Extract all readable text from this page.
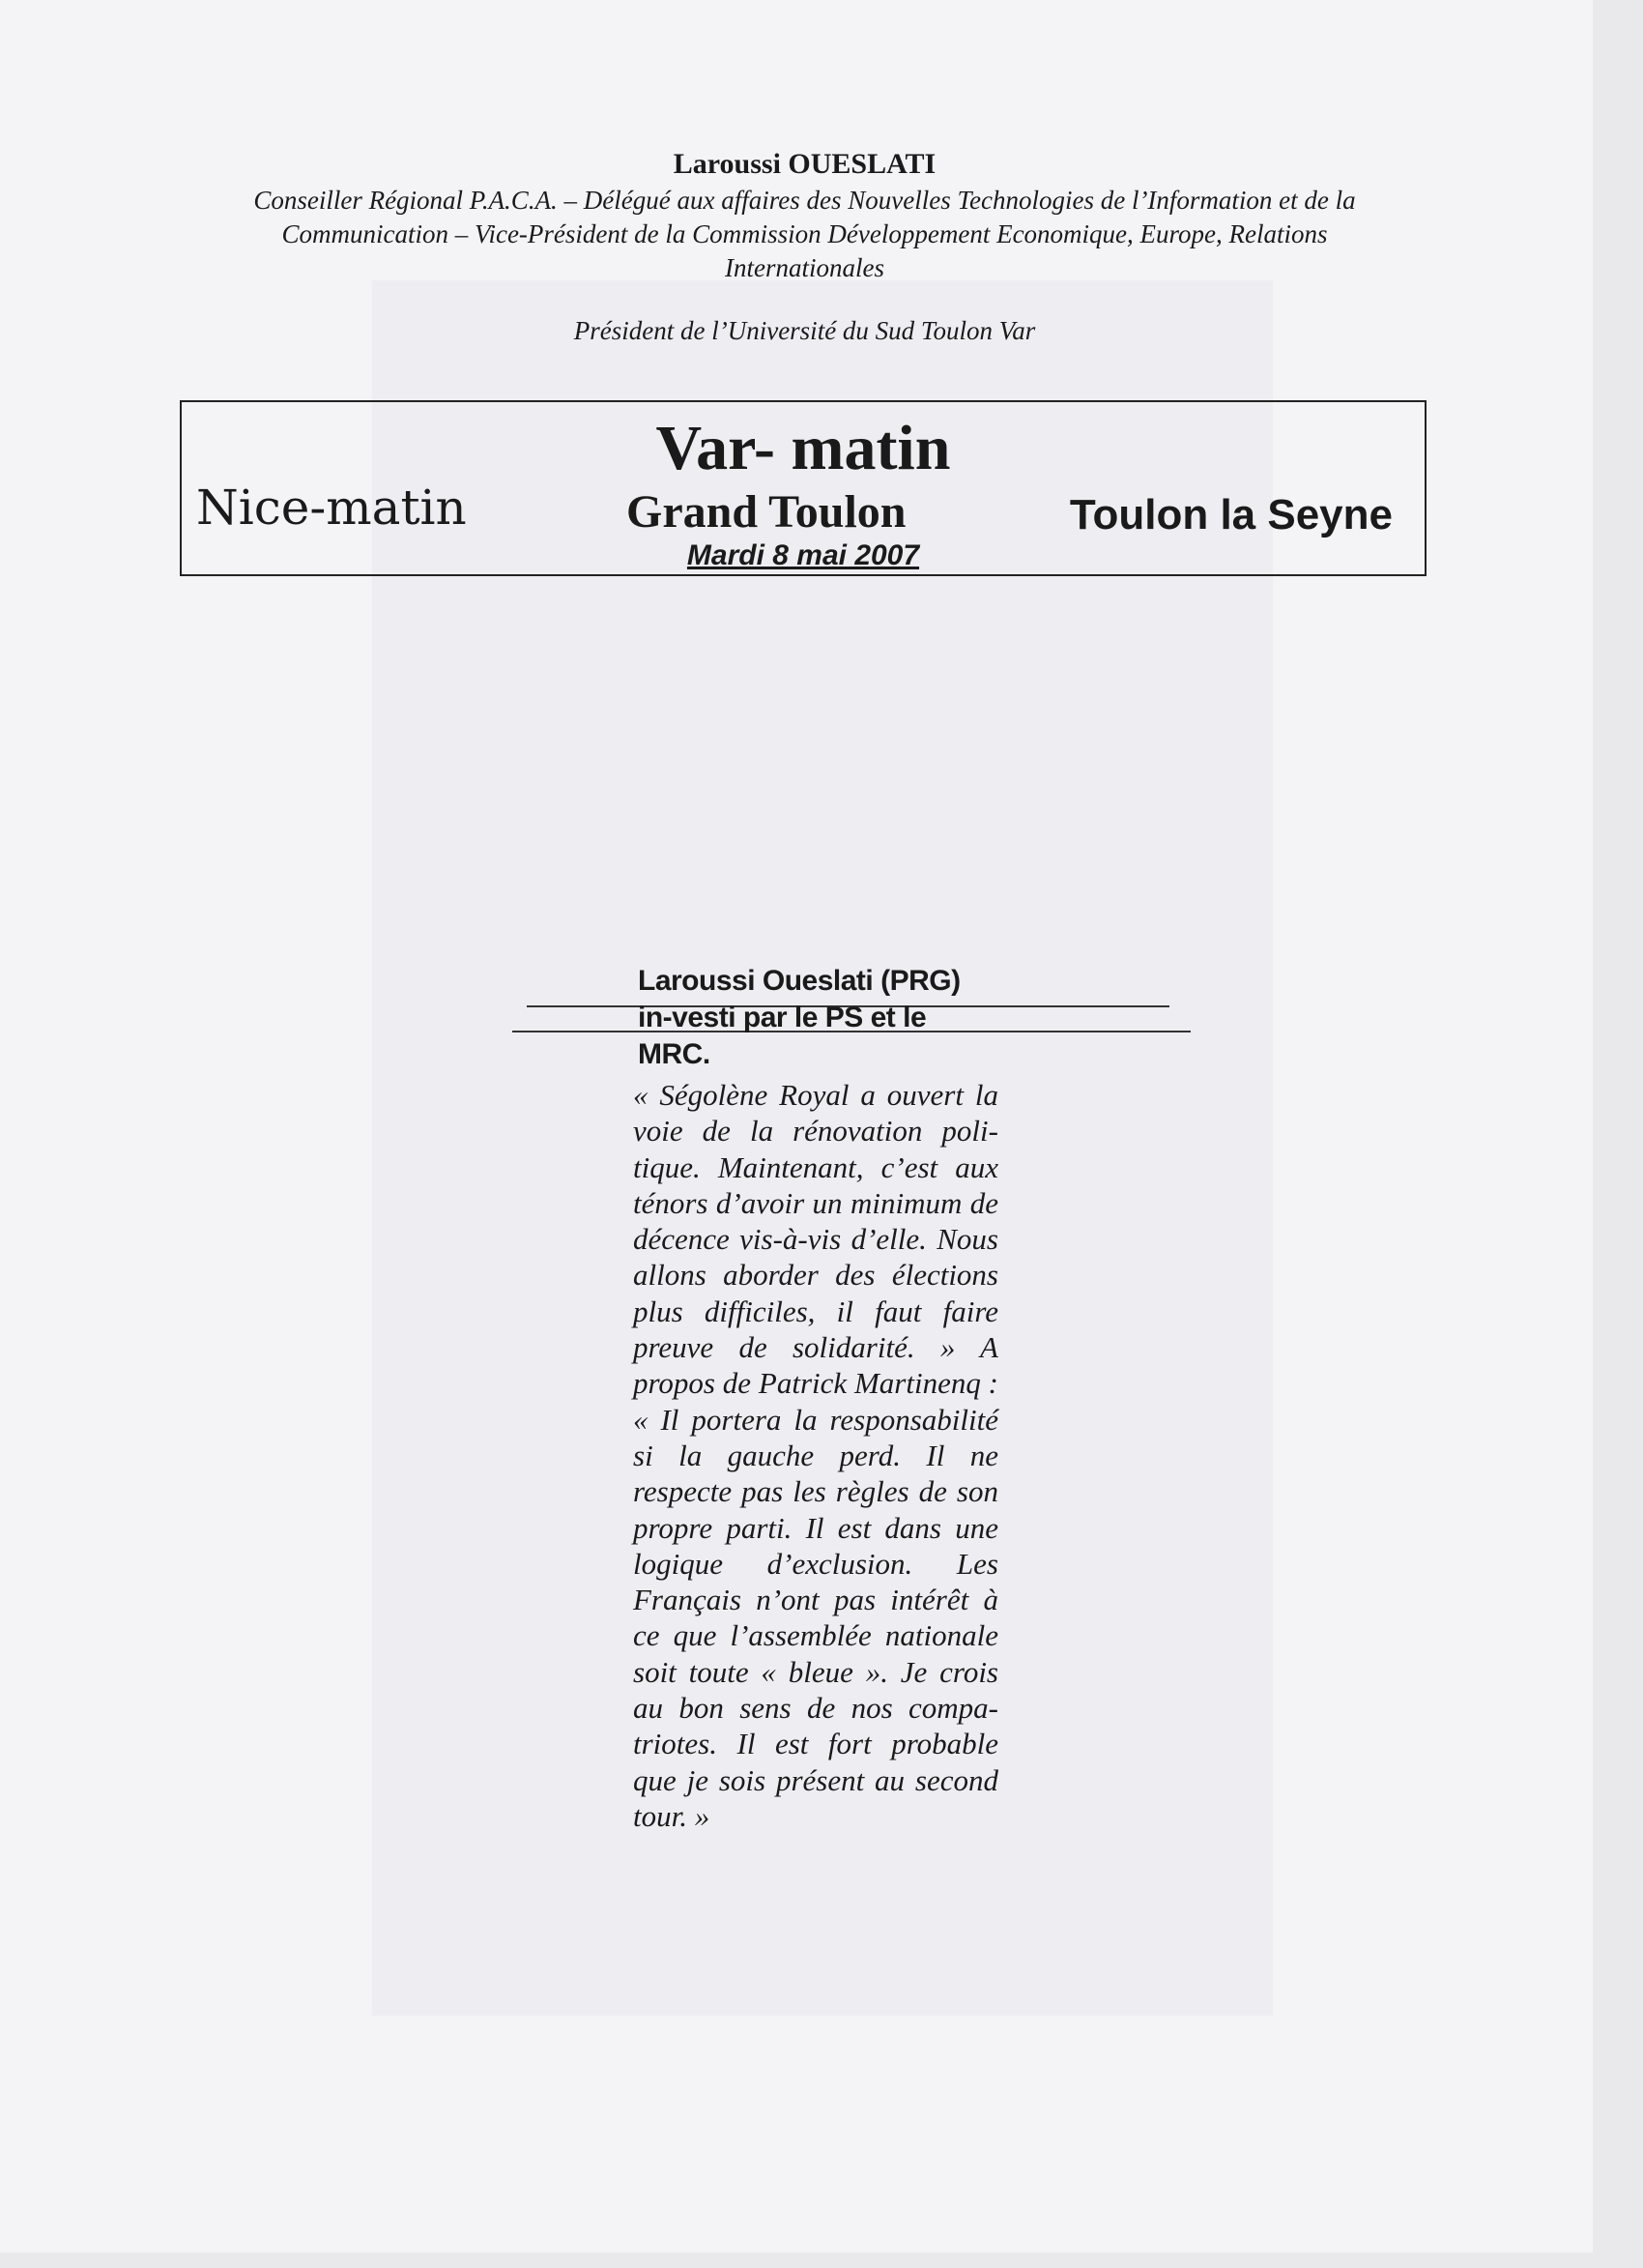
Laroussi OUESLATI
Conseiller Régional P.A.C.A. – Délégué aux affaires des Nouvelles Technologies de l’Information et de la Communication – Vice-Président de la Commission Développement Economique, Europe, Relations Internationales
Président de l’Université du Sud Toulon Var
Var- matin
Nice-matin	Grand Toulon	Toulon la Seyne
Mardi 8 mai 2007
Laroussi Oueslati (PRG) in-vesti par le PS et le MRC.

« Ségolène Royal a ouvert la voie de la rénovation politique. Maintenant, c’est aux ténors d’avoir un minimum de décence vis-à-vis d’elle. Nous allons aborder des élections plus difficiles, il faut faire preuve de solidarité. » A propos de Patrick Martinenq : « Il portera la responsabilité si la gauche perd. Il ne respecte pas les règles de son propre parti. Il est dans une logique d’exclusion. Les Français n’ont pas intérêt à ce que l’assemblée nationale soit toute « bleue ». Je crois au bon sens de nos compatriotes. Il est fort probable que je sois présent au second tour. »
